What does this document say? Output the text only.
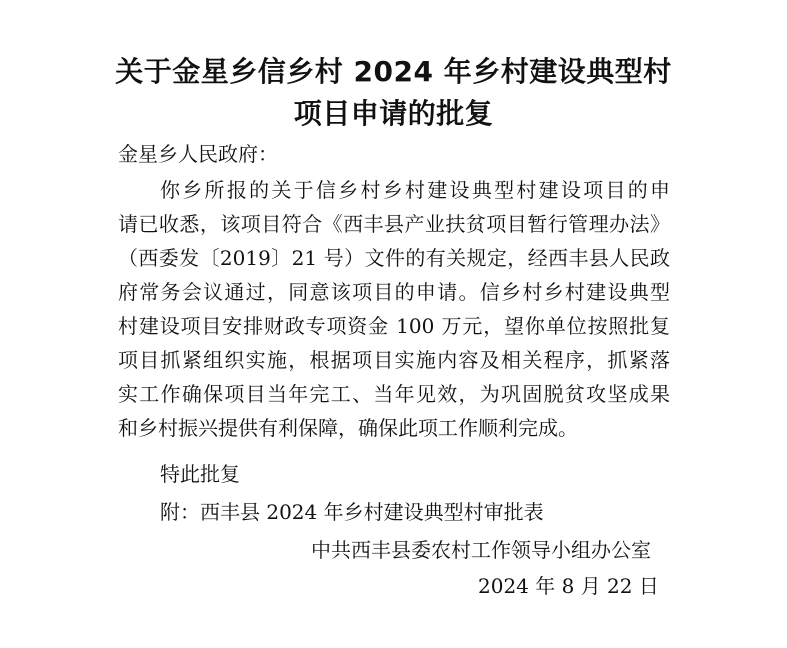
关于金星乡信乡村 2024 年乡村建设典型村
项目申请的批复

金星乡人民政府：

你乡所报的关于信乡村乡村建设典型村建设项目的申

请已收悉，该项目符合《西丰县产业扶贫项目暂行管理办法》

（西委发〔2019〕21 号）文件的有关规定，经西丰县人民政

府常务会议通过，同意该项目的申请。信乡村乡村建设典型

村建设项目安排财政专项资金 100 万元，望你单位按照批复

项目抓紧组织实施，根据项目实施内容及相关程序，抓紧落

实工作确保项目当年完工、当年见效，为巩固脱贫攻坚成果

和乡村振兴提供有利保障，确保此项工作顺利完成。

特此批复

附：西丰县 2024 年乡村建设典型村审批表

中共西丰县委农村工作领导小组办公室

2024 年 8 月 22 日
